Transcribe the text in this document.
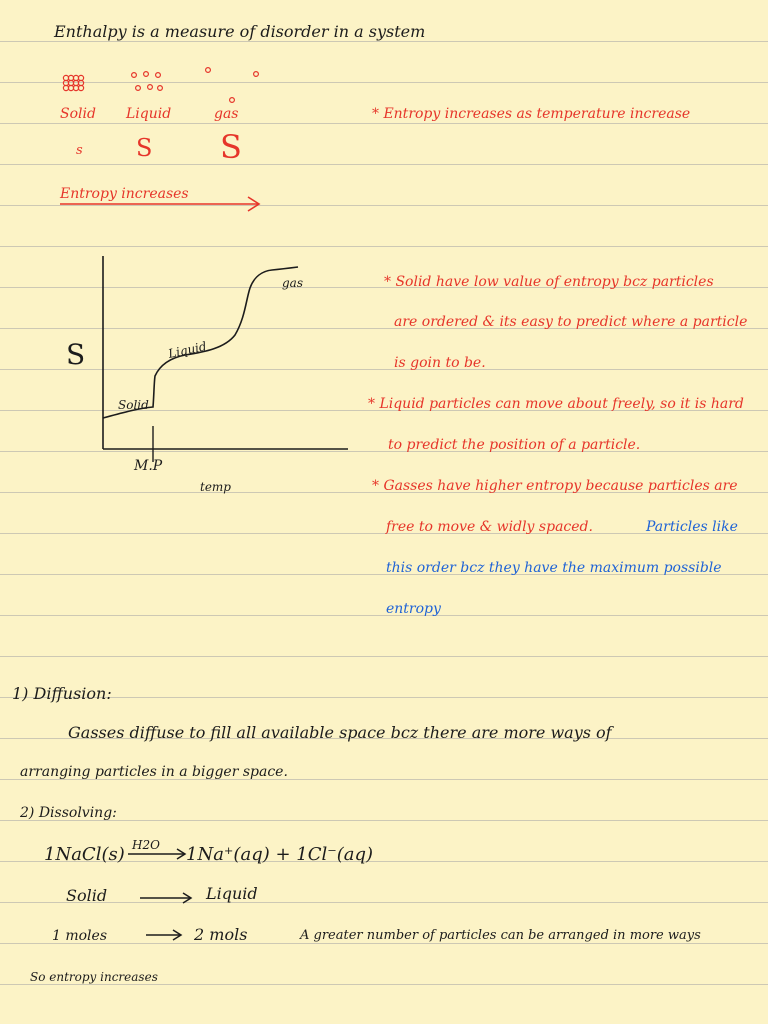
Enthalpy is a measure of disorder in a system
Solid Liquid	gas	* Entropy increases as temperature increase
s S S
Entropy increases
S
Solid
Liquid
gas
M.P
temp
* Solid have low value of entropy bcz particles
are ordered & its easy to predict where a particle
is goin to be.
* Liquid particles can move about freely, so it is hard
to predict the position of a particle.
* Gasses have higher entropy because particles are
free to move & widly spaced.	Particles like
this order bcz they have the maximum possible
entropy
1) Diffusion:
Gasses diffuse to fill all available space bcz there are more ways of
arranging particles in a bigger space.
2) Dissolving:
1NaCl(s) H2O 1Na⁺(aq) + 1Cl⁻(aq)
Solid	Liquid
1 moles	2 mols	A greater number of particles can be arranged in more ways
So entropy increases
